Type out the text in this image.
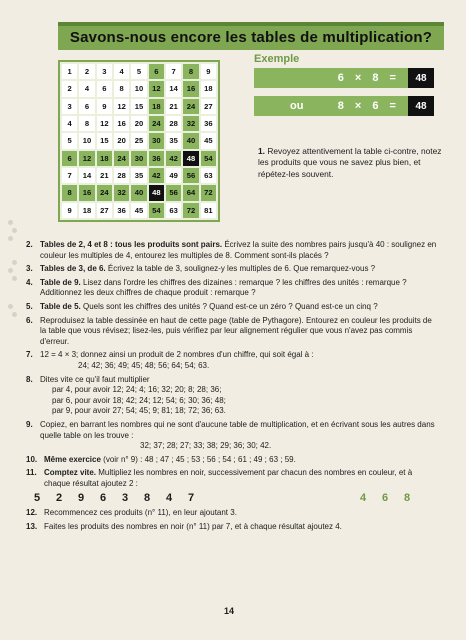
Savons-nous encore les tables de multiplication?
1	2	3	4	5	6	7	8	9
2	4	6	8	10	12	14	16	18
3	6	9	12	15	18	21	24	27
4	8	12	16	20	24	28	32	36
5	10	15	20	25	30	35	40	45
6	12	18	24	30	36	42	48	54
7	14	21	28	35	42	49	56	63
8	16	24	32	40	48	56	64	72
9	18	27	36	45	54	63	72	81
Exemple
6 × 8 =	48
ou	8 × 6 =	48
1. Revoyez attentivement la table ci-contre, notez les produits que vous ne savez plus bien, et répétez-les souvent.
2. Tables de 2, 4 et 8 : tous les produits sont pairs. Écrivez la suite des nombres pairs jusqu'à 40 : soulignez en couleur les multiples de 4, entourez les multiples de 8. Comment sont-ils placés ?
3. Tables de 3, de 6. Écrivez la table de 3, soulignez-y les multiples de 6. Que remarquez-vous ?
4. Table de 9. Lisez dans l'ordre les chiffres des dizaines : remarque ? les chiffres des unités : remarque ? Additionnez les deux chiffres de chaque produit : remarque ?
5. Table de 5. Quels sont les chiffres des unités ? Quand est-ce un zéro ? Quand est-ce un cinq ?
6. Reproduisez la table dessinée en haut de cette page (table de Pythagore). Entourez en couleur les produits de la table que vous révisez; lisez-les, puis vérifiez par leur alignement régulier que vous n'avez pas commis d'erreur.
7. 12 = 4 × 3; donnez ainsi un produit de 2 nombres d'un chiffre, qui soit égal à :
24; 42; 36; 49; 45; 48; 56; 64; 54; 63.
8. Dites vite ce qu'il faut multiplier
par 4, pour avoir 12; 24; 4; 16; 32; 20; 8; 28; 36;
par 6, pour avoir 18; 42; 24; 12; 54; 6; 30; 36; 48;
par 9, pour avoir 27; 54; 45; 9; 81; 18; 72; 36; 63.
9. Copiez, en barrant les nombres qui ne sont d'aucune table de multiplication, et en écrivant sous les autres dans quelle table on les trouve :
32; 37; 28; 27; 33; 38; 29; 36; 30; 42.
10. Même exercice (voir n° 9) : 48 ; 47 ; 45 ; 53 ; 56 ; 54 ; 61 ; 49 ; 63 ; 59.
11. Comptez vite. Multipliez les nombres en noir, successivement par chacun des nombres en couleur, et à chaque résultat ajoutez 2 :
5	2	9	6	3	8	4	7	4	6	8
12. Recommencez ces produits (n° 11), en leur ajoutant 3.
13. Faites les produits des nombres en noir (n° 11) par 7, et à chaque résultat ajoutez 4.
14
